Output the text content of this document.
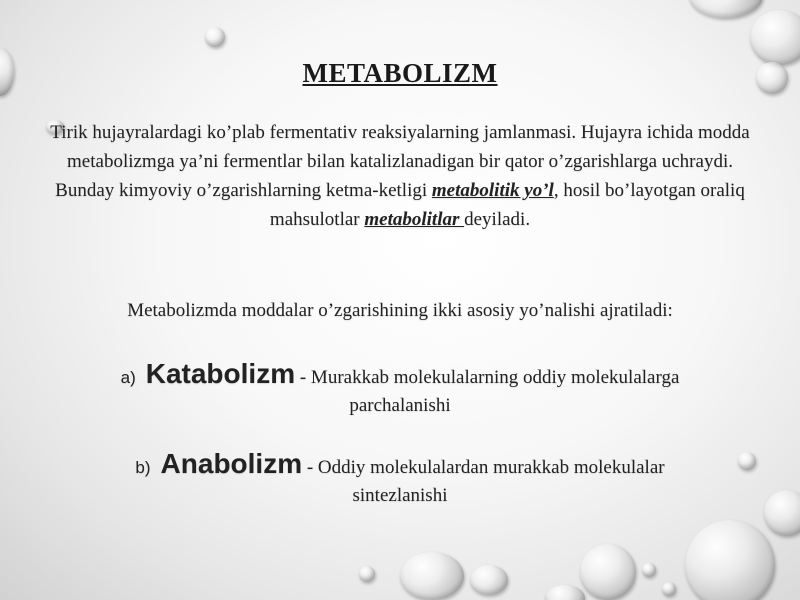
METABOLIZM
Tirik hujayralardagi ko’plab fermentativ reaksiyalarning jamlanmasi. Hujayra ichida modda metabolizmga ya’ni fermentlar bilan katalizlanadigan bir qator o’zgarishlarga uchraydi. Bunday kimyoviy o’zgarishlarning ketma-ketligi metabolitik yo’l, hosil bo’layotgan oraliq mahsulotlar metabolitlar deyiladi.
Metabolizmda moddalar o’zgarishining ikki asosiy yo’nalishi ajratiladi:
a) Katabolizm - Murakkab molekulalarning oddiy molekulalarga
parchalanishi
b) Anabolizm - Oddiy molekulalardan murakkab molekulalar
sintezlanishi
